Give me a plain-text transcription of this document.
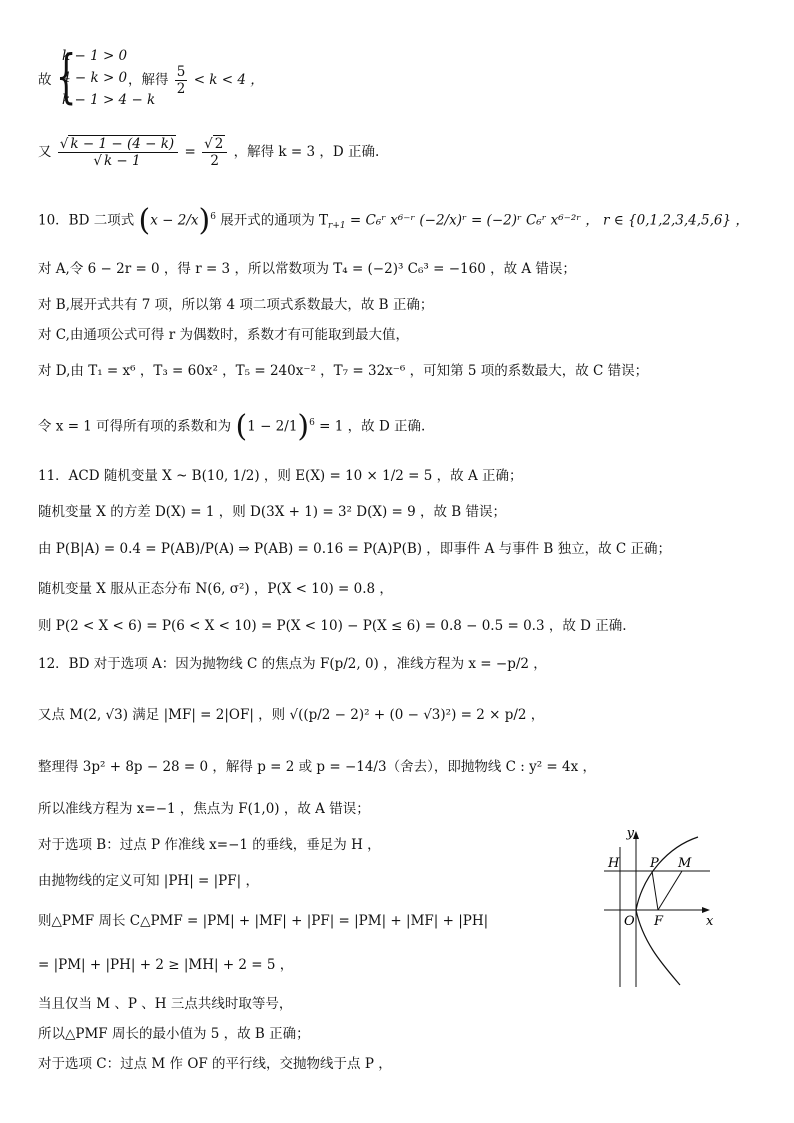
故 {
k − 1 > 0
4 − k > 0
k − 1 > 4 − k
，解得 $\frac{5}{2} < k < 4$ ，
又 $\frac{√ k - 1 - (4 - k)}{√ k - 1} = \frac{√ 2}{2}$ ，解得 k = 3 ，D 正确.
10．BD 二项式 $(x - 2/x)^6$ 展开式的通项为 $T_{r+1}$ = C₆ʳ x⁶⁻ʳ (−2/x)ʳ = (−2)ʳ C₆ʳ x⁶⁻²ʳ ， r ∈ {0,1,2,3,4,5,6} ，
对 A,令 6 − 2r = 0 ，得 r = 3 ，所以常数项为 T₄ = (−2)³ C₆³ = −160 ，故 A 错误；
对 B,展开式共有 7 项，所以第 4 项二项式系数最大，故 B 正确；
对 C,由通项公式可得 r 为偶数时，系数才有可能取到最大值，
对 D,由 T₁ = x⁶ ，T₃ = 60x² ，T₅ = 240x⁻² ，T₇ = 32x⁻⁶ ，可知第 5 项的系数最大，故 C 错误；
令 x = 1 可得所有项的系数和为 $(1 - 2/1)^6 = 1$ ，故 D 正确.
11．ACD 随机变量 X ~ B(10, 1/2) ，则 E(X) = 10 × 1/2 = 5 ，故 A 正确；
随机变量 X 的方差 D(X) = 1 ，则 D(3X + 1) = 3² D(X) = 9 ，故 B 错误；
由 P(B|A) = 0.4 = P(AB)/P(A) ⇒ P(AB) = 0.16 = P(A)P(B) ，即事件 A 与事件 B 独立，故 C 正确；
随机变量 X 服从正态分布 N(6, σ²) ，P(X < 10) = 0.8 ，
则 P(2 < X < 6) = P(6 < X < 10) = P(X < 10) − P(X ≤ 6) = 0.8 − 0.5 = 0.3 ，故 D 正确.
12．BD 对于选项 A：因为抛物线 C 的焦点为 F(p/2, 0) ，准线方程为 x = −p/2 ，
又点 M(2, √3) 满足 |MF| = 2|OF| ，则 √((p/2 − 2)² + (0 − √3)²) = 2 × p/2 ，
整理得 3p² + 8p − 28 = 0 ，解得 p = 2 或 p = −14/3（舍去），即抛物线 C : y² = 4x ，
所以准线方程为 x=−1 ，焦点为 F(1,0) ，故 A 错误；
对于选项 B：过点 P 作准线 x=−1 的垂线，垂足为 H ，
由抛物线的定义可知 |PH| = |PF| ，
则△PMF 周长 C△PMF = |PM| + |MF| + |PF| = |PM| + |MF| + |PH|
= |PM| + |PH| + 2 ≥ |MH| + 2 = 5 ，
当且仅当 M 、P 、H 三点共线时取等号，
所以△PMF 周长的最小值为 5 ，故 B 正确；
对于选项 C：过点 M 作 OF 的平行线，交抛物线于点 P ，
y
x
H P M
O F
